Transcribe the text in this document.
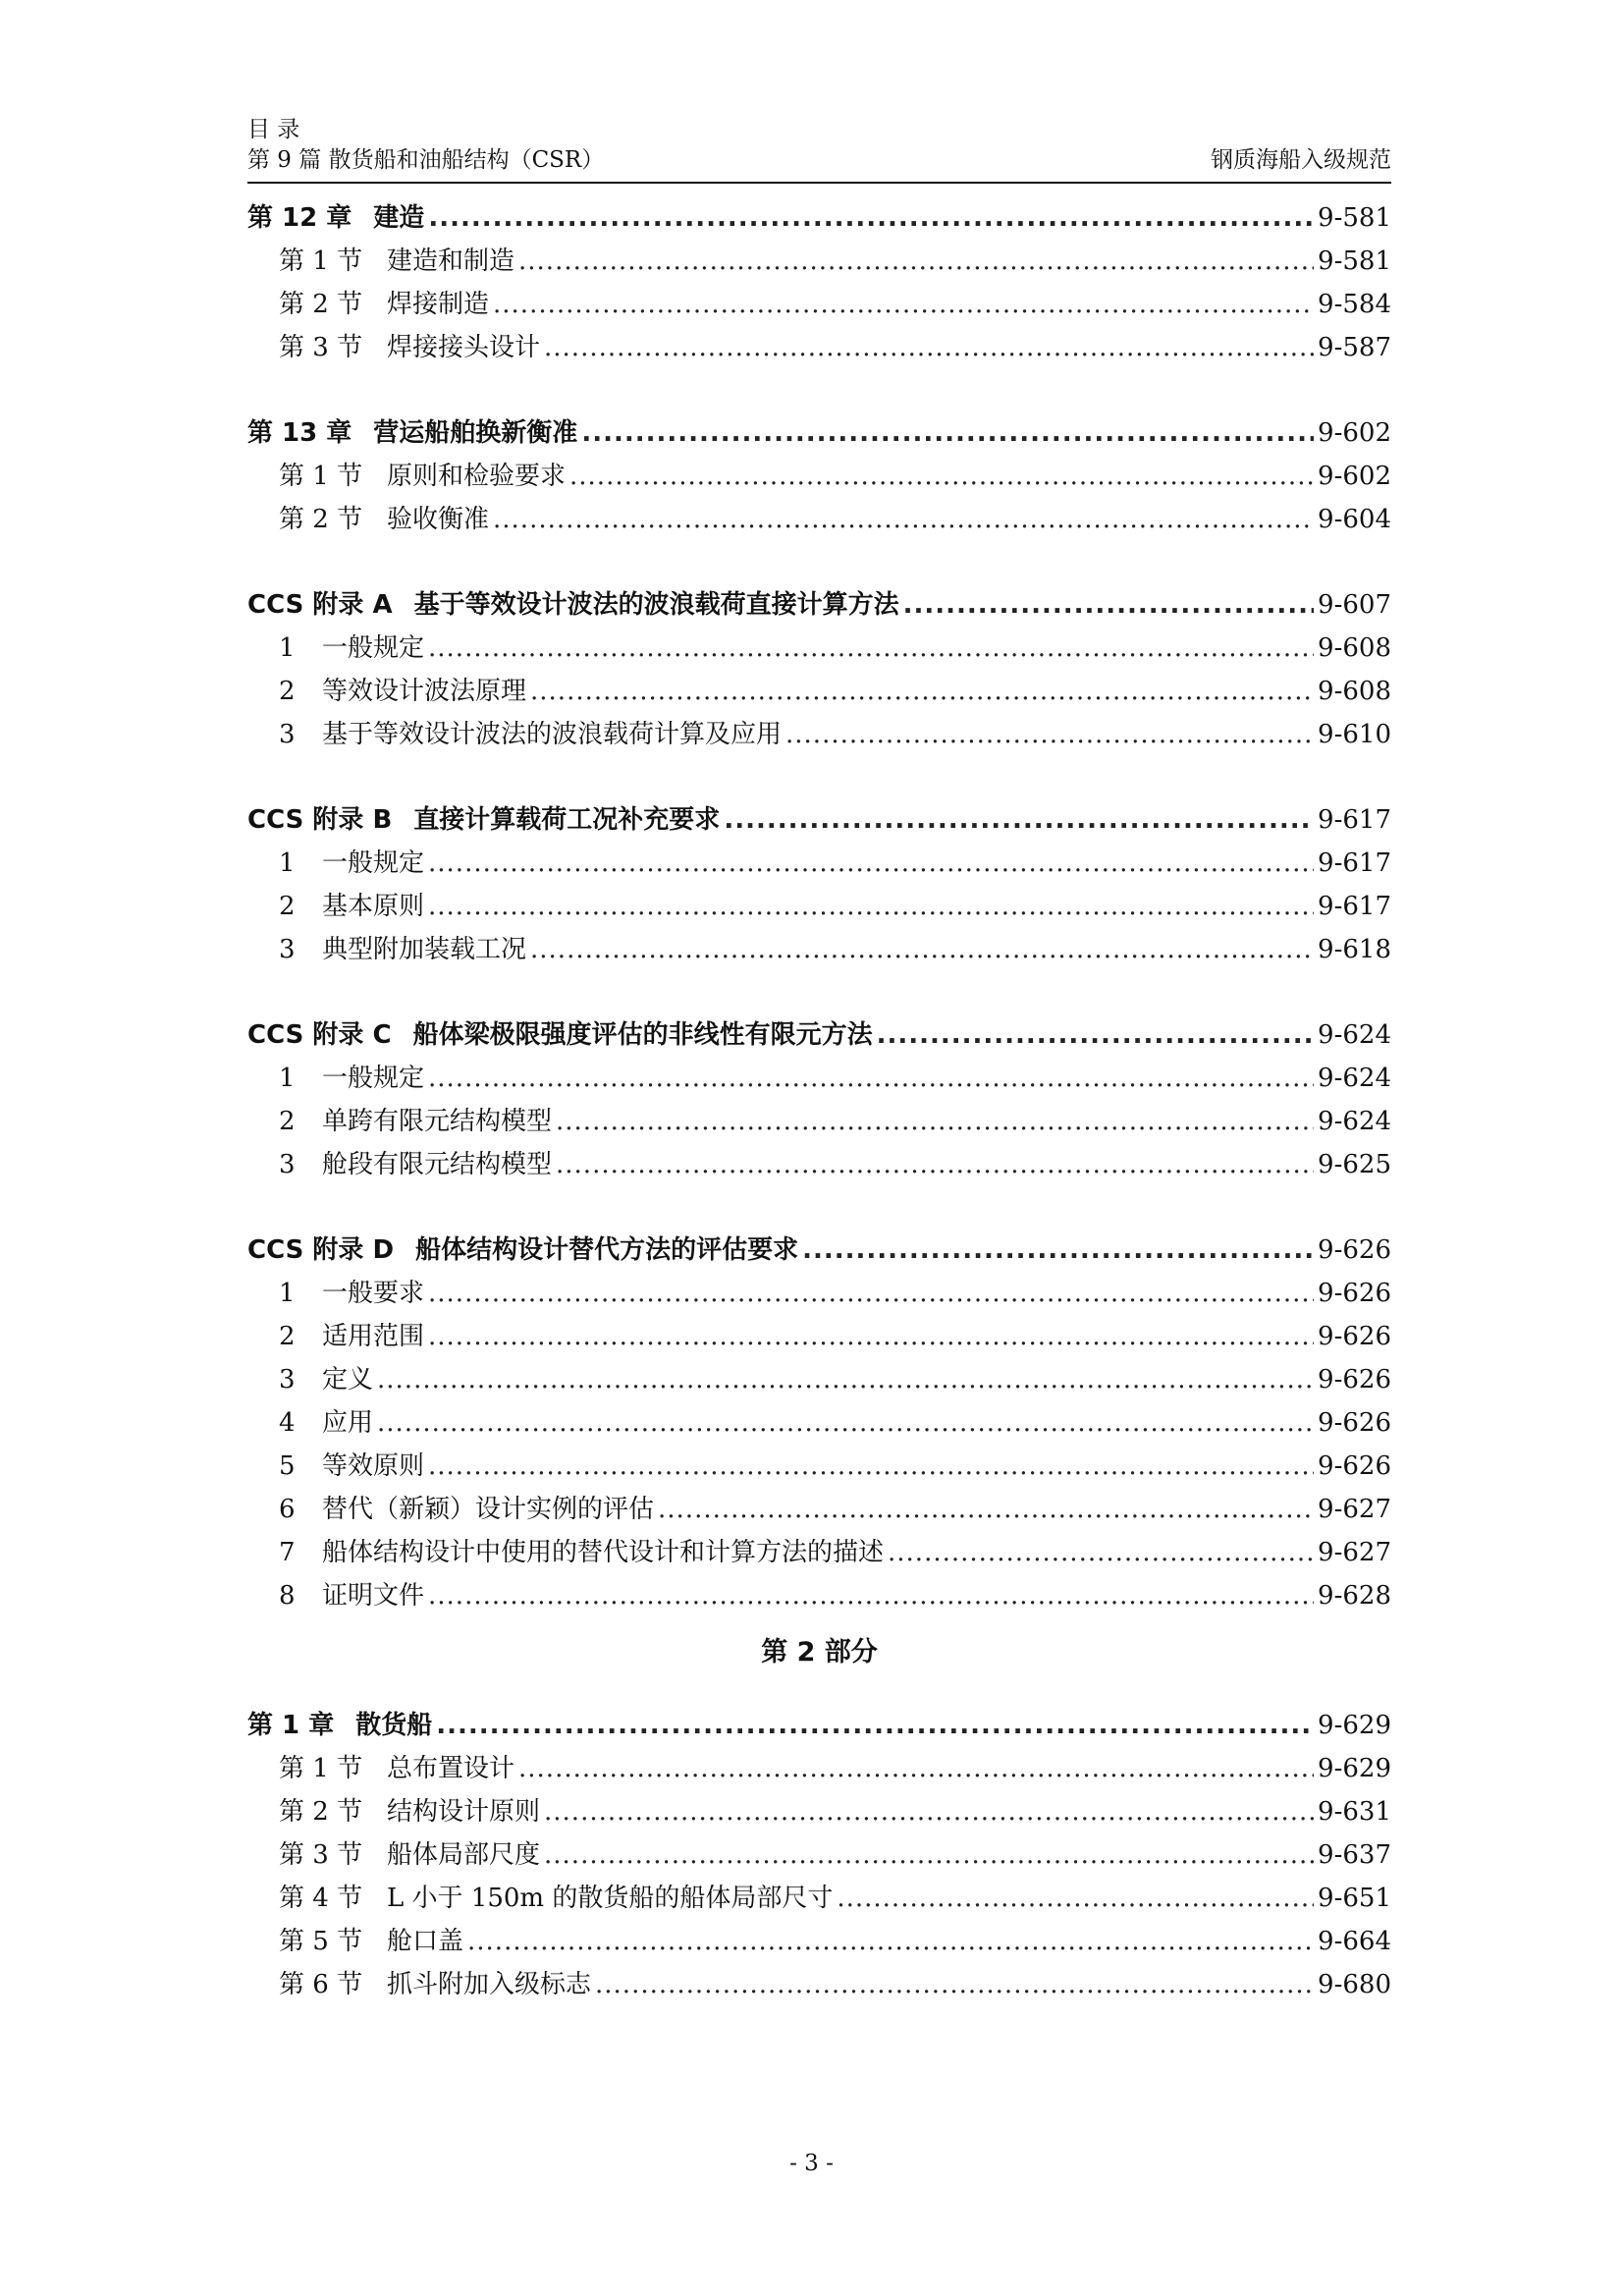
目 录
第 9 篇 散货船和油船结构（CSR）	钢质海船入级规范
第 12 章 建造 .....	9-581
第 1 节 建造和制造 .....	9-581
第 2 节 焊接制造 .....	9-584
第 3 节 焊接接头设计 .....	9-587
第 13 章 营运船舶换新衡准 .....	9-602
第 1 节 原则和检验要求 .....	9-602
第 2 节 验收衡准 .....	9-604
CCS 附录 A 基于等效设计波法的波浪载荷直接计算方法 .....	9-607
1	一般规定 .....	9-608
2	等效设计波法原理 .....	9-608
3	基于等效设计波法的波浪载荷计算及应用 .....	9-610
CCS 附录 B 直接计算载荷工况补充要求 .....	9-617
1	一般规定 .....	9-617
2	基本原则 .....	9-617
3	典型附加装载工况 .....	9-618
CCS 附录 C 船体梁极限强度评估的非线性有限元方法 .....	9-624
1	一般规定 .....	9-624
2	单跨有限元结构模型 .....	9-624
3	舱段有限元结构模型 .....	9-625
CCS 附录 D 船体结构设计替代方法的评估要求 .....	9-626
1	一般要求 .....	9-626
2	适用范围 .....	9-626
3	定义 .....	9-626
4	应用 .....	9-626
5	等效原则 .....	9-626
6	替代（新颖）设计实例的评估 .....	9-627
7	船体结构设计中使用的替代设计和计算方法的描述 .....	9-627
8	证明文件 .....	9-628
第 2 部分
第 1 章 散货船 .....	9-629
第 1 节 总布置设计 .....	9-629
第 2 节 结构设计原则 .....	9-631
第 3 节 船体局部尺度 .....	9-637
第 4 节 L 小于 150m 的散货船的船体局部尺寸 .....	9-651
第 5 节 舱口盖 .....	9-664
第 6 节 抓斗附加入级标志 .....	9-680
- 3 -
